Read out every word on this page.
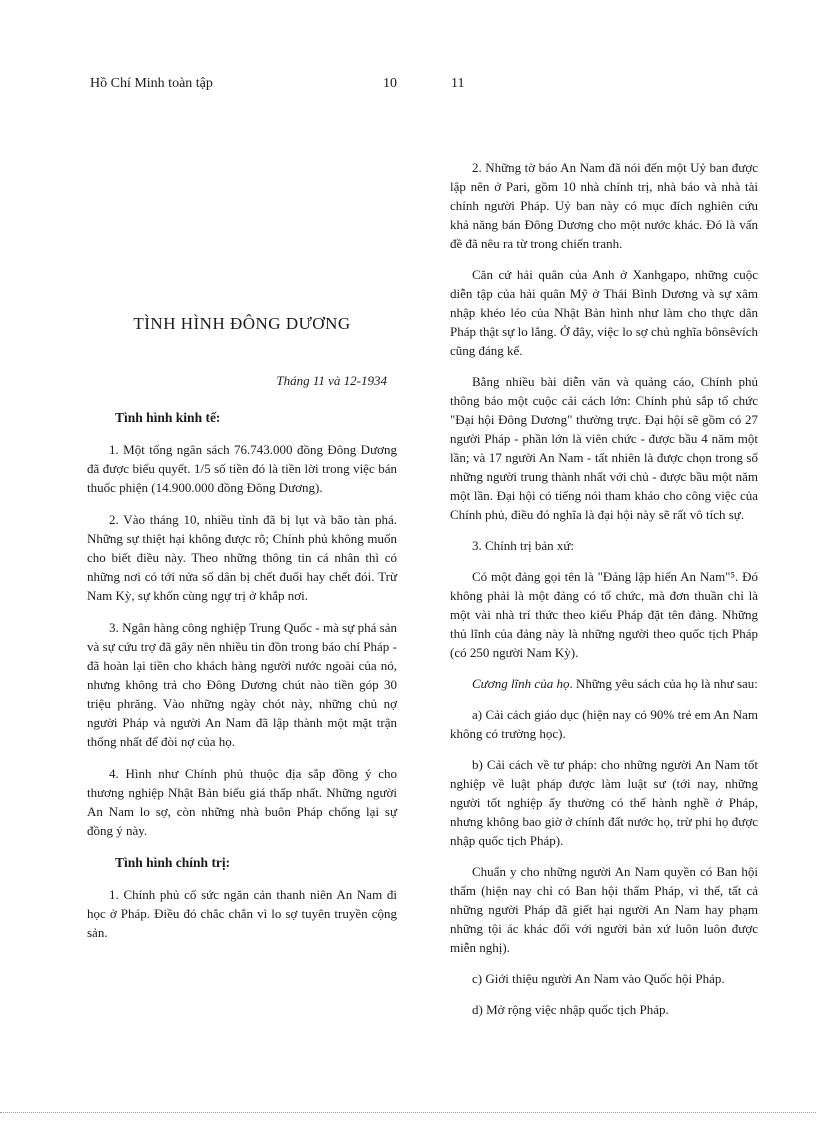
Hồ Chí Minh toàn tập	10	11
TÌNH HÌNH ĐÔNG DƯƠNG
Tháng 11 và 12-1934
Tình hình kinh tế:

1. Một tổng ngân sách 76.743.000 đồng Đông Dương đã được biểu quyết. 1/5 số tiền đó là tiền lời trong việc bán thuốc phiện (14.900.000 đồng Đông Dương).

2. Vào tháng 10, nhiều tỉnh đã bị lụt và bão tàn phá. Những sự thiệt hại không được rõ; Chính phủ không muốn cho biết điều này. Theo những thông tin cá nhân thì có những nơi có tới nửa số dân bị chết đuối hay chết đói. Trừ Nam Kỳ, sự khốn cùng ngự trị ở khắp nơi.

3. Ngân hàng công nghiệp Trung Quốc - mà sự phá sản và sự cứu trợ đã gây nên nhiều tin đồn trong báo chí Pháp - đã hoàn lại tiền cho khách hàng người nước ngoài của nó, nhưng không trả cho Đông Dương chút nào tiền góp 30 triệu phrăng. Vào những ngày chót này, những chủ nợ người Pháp và người An Nam đã lập thành một mặt trận thống nhất để đòi nợ của họ.

4. Hình như Chính phủ thuộc địa sắp đồng ý cho thương nghiệp Nhật Bản biểu giá thấp nhất. Những người An Nam lo sợ, còn những nhà buôn Pháp chống lại sự đồng ý này.

Tình hình chính trị:

1. Chính phủ cố sức ngăn cản thanh niên An Nam đi học ở Pháp. Điều đó chắc chắn vì lo sợ tuyên truyền cộng sản.

2. Những tờ báo An Nam đã nói đến một Uỷ ban được lập nên ở Pari, gồm 10 nhà chính trị, nhà báo và nhà tài chính người Pháp. Uỷ ban này có mục đích nghiên cứu khả năng bán Đông Dương cho một nước khác. Đó là vấn đề đã nêu ra từ trong chiến tranh.

Căn cứ hải quân của Anh ở Xanhgapo, những cuộc diễn tập của hải quân Mỹ ở Thái Bình Dương và sự xâm nhập khéo léo của Nhật Bản hình như làm cho thực dân Pháp thật sự lo lắng. Ở đây, việc lo sợ chủ nghĩa bônsêvích cũng đáng kể.

Bằng nhiều bài diễn văn và quảng cáo, Chính phủ thông báo một cuộc cải cách lớn: Chính phủ sắp tổ chức "Đại hội Đông Dương" thường trực. Đại hội sẽ gồm có 27 người Pháp - phần lớn là viên chức - được bầu 4 năm một lần; và 17 người An Nam - tất nhiên là được chọn trong số những người trung thành nhất với chủ - được bầu một năm một lần. Đại hội có tiếng nói tham khảo cho công việc của Chính phủ, điều đó nghĩa là đại hội này sẽ rất vô tích sự.

3. Chính trị bản xứ:

Có một đảng gọi tên là "Đảng lập hiến An Nam"⁵. Đó không phải là một đảng có tổ chức, mà đơn thuần chỉ là một vài nhà trí thức theo kiểu Pháp đặt tên đảng. Những thủ lĩnh của đảng này là những người theo quốc tịch Pháp (có 250 người Nam Kỳ).

Cương lĩnh của họ. Những yêu sách của họ là như sau:

a) Cải cách giáo dục (hiện nay có 90% trẻ em An Nam không có trường học).

b) Cải cách về tư pháp: cho những người An Nam tốt nghiệp về luật pháp được làm luật sư (tới nay, những người tốt nghiệp ấy thường có thể hành nghề ở Pháp, nhưng không bao giờ ở chính đất nước họ, trừ phi họ được nhập quốc tịch Pháp).

Chuẩn y cho những người An Nam quyền có Ban hội thẩm (hiện nay chỉ có Ban hội thẩm Pháp, vì thế, tất cả những người Pháp đã giết hại người An Nam hay phạm những tội ác khác đối với người bản xứ luôn luôn được miễn nghị).

c) Giới thiệu người An Nam vào Quốc hội Pháp.

d) Mở rộng việc nhập quốc tịch Pháp.
